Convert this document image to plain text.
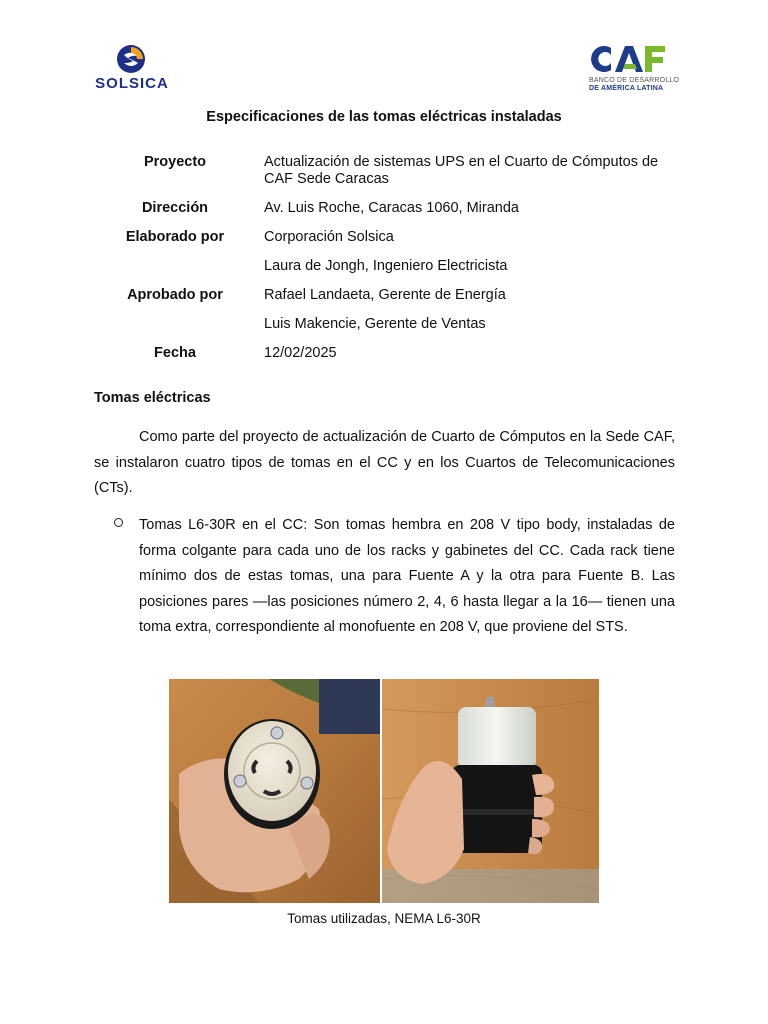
SOLSICA	BANCO DE DESARROLLO
DE AMÉRICA LATINA
Especificaciones de las tomas eléctricas instaladas
Proyecto	Actualización de sistemas UPS en el Cuarto de Cómputos de CAF Sede Caracas
Dirección	Av. Luis Roche, Caracas 1060, Miranda
Elaborado por	Corporación Solsica
Laura de Jongh, Ingeniero Electricista
Aprobado por	Rafael Landaeta, Gerente de Energía
Luis Makencie, Gerente de Ventas
Fecha	12/02/2025
Tomas eléctricas
Como parte del proyecto de actualización de Cuarto de Cómputos en la Sede CAF, se instalaron cuatro tipos de tomas en el CC y en los Cuartos de Telecomunicaciones (CTs).
Tomas L6-30R en el CC: Son tomas hembra en 208 V tipo body, instaladas de forma colgante para cada uno de los racks y gabinetes del CC. Cada rack tiene mínimo dos de estas tomas, una para Fuente A y la otra para Fuente B. Las posiciones pares —las posiciones número 2, 4, 6 hasta llegar a la 16— tienen una toma extra, correspondiente al monofuente en 208 V, que proviene del STS.
Tomas utilizadas, NEMA L6-30R
